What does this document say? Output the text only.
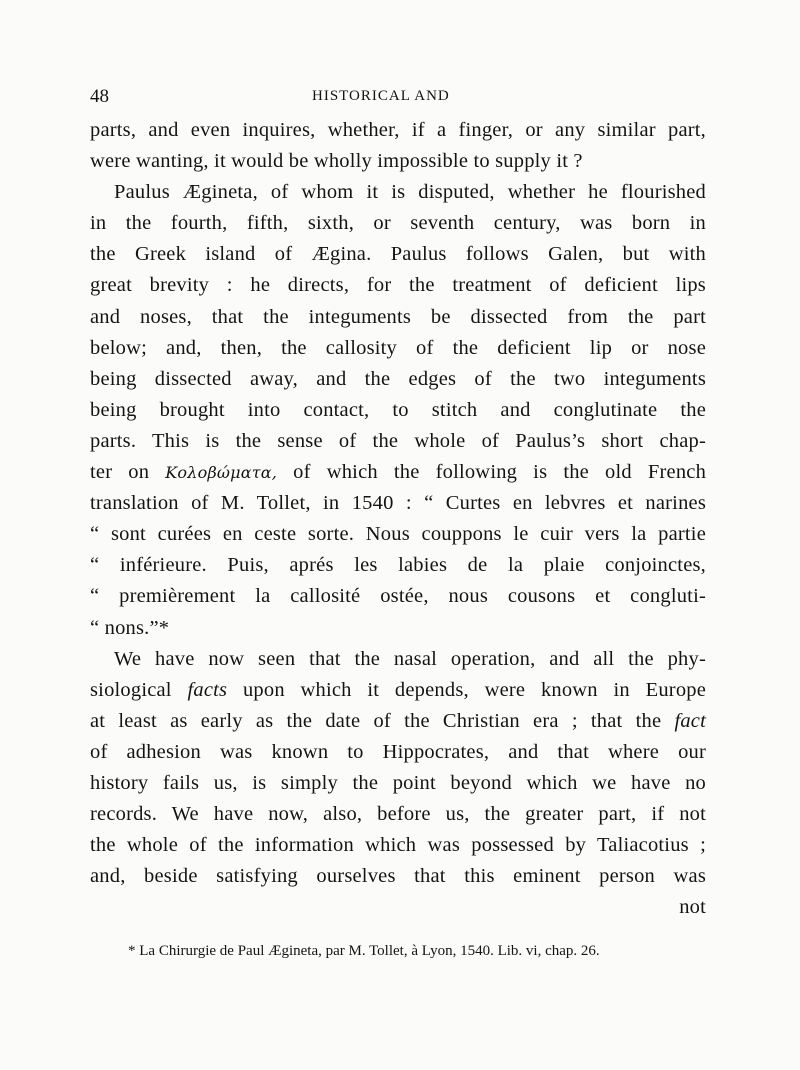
48	HISTORICAL AND
parts, and even inquires, whether, if a finger, or any similar part,
were wanting, it would be wholly impossible to supply it ?
Paulus Ægineta, of whom it is disputed, whether he flourished
in the fourth, fifth, sixth, or seventh century, was born in
the Greek island of Ægina. Paulus follows Galen, but with
great brevity : he directs, for the treatment of deficient lips
and noses, that the integuments be dissected from the part
below; and, then, the callosity of the deficient lip or nose
being dissected away, and the edges of the two integuments
being brought into contact, to stitch and conglutinate the
parts. This is the sense of the whole of Paulus’s short chap-
ter on Κολοβώματα, of which the following is the old French
translation of M. Tollet, in 1540 : “ Curtes en lebvres et narines
“ sont curées en ceste sorte. Nous couppons le cuir vers la partie
“ inférieure. Puis, aprés les labies de la plaie conjoinctes,
“ premièrement la callosité ostée, nous cousons et congluti-
“ nons.”*
We have now seen that the nasal operation, and all the phy-
siological facts upon which it depends, were known in Europe
at least as early as the date of the Christian era ; that the fact
of adhesion was known to Hippocrates, and that where our
history fails us, is simply the point beyond which we have no
records. We have now, also, before us, the greater part, if not
the whole of the information which was possessed by Taliacotius ;
and, beside satisfying ourselves that this eminent person was
not
* La Chirurgie de Paul Ægineta, par M. Tollet, à Lyon, 1540. Lib. vi, chap. 26.
